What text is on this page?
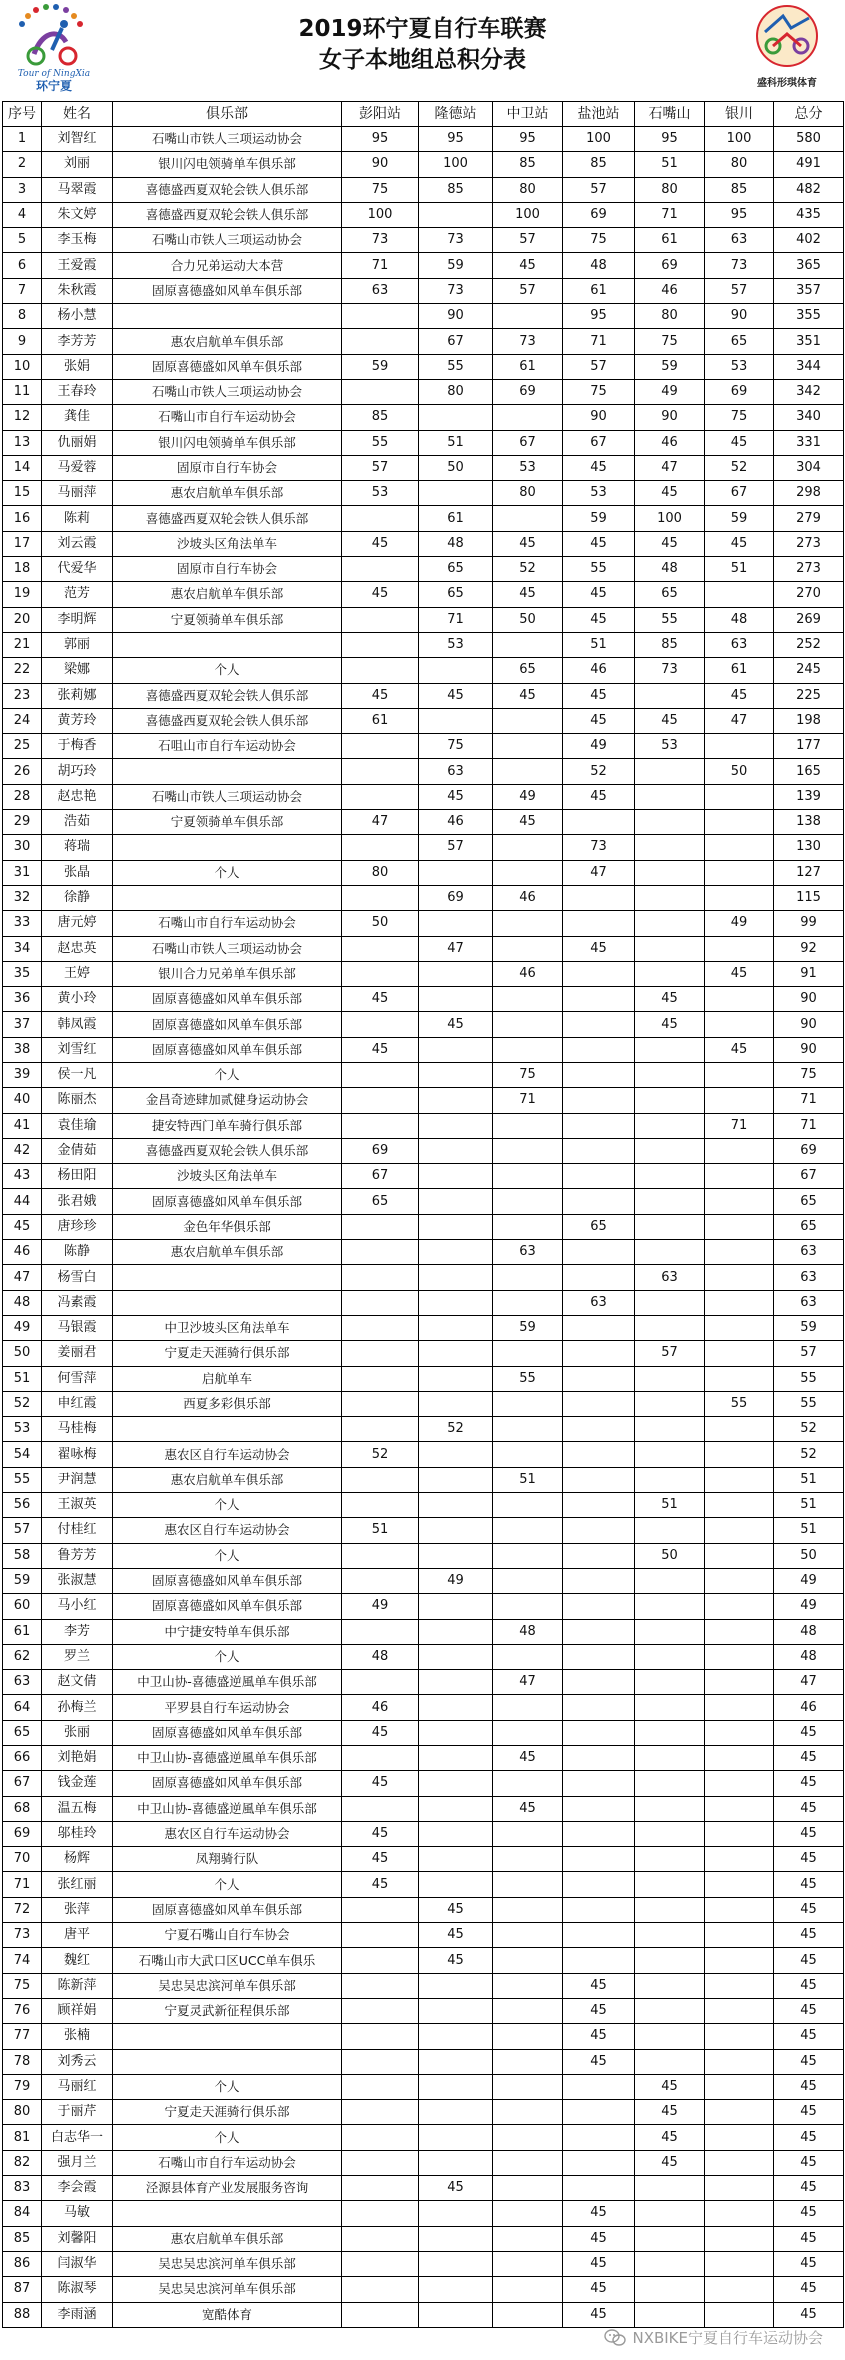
Tour of NingXia
环宁夏
2019环宁夏自行车联赛
女子本地组总积分表
盛科形琪体育
序号	姓名	俱乐部	彭阳站	隆德站	中卫站	盐池站	石嘴山	银川	总分
1	刘智红	石嘴山市铁人三项运动协会	95	95	95	100	95	100	580
2	刘丽	银川闪电领骑单车俱乐部	90	100	85	85	51	80	491
3	马翠霞	喜德盛西夏双轮会铁人俱乐部	75	85	80	57	80	85	482
4	朱文婷	喜德盛西夏双轮会铁人俱乐部	100		100	69	71	95	435
5	李玉梅	石嘴山市铁人三项运动协会	73	73	57	75	61	63	402
6	王爱霞	合力兄弟运动大本营	71	59	45	48	69	73	365
7	朱秋霞	固原喜德盛如风单车俱乐部	63	73	57	61	46	57	357
8	杨小慧			90		95	80	90	355
9	李芳芳	惠农启航单车俱乐部		67	73	71	75	65	351
10	张娟	固原喜德盛如风单车俱乐部	59	55	61	57	59	53	344
11	王春玲	石嘴山市铁人三项运动协会		80	69	75	49	69	342
12	龚佳	石嘴山市自行车运动协会	85			90	90	75	340
13	仇丽娟	银川闪电领骑单车俱乐部	55	51	67	67	46	45	331
14	马爱蓉	固原市自行车协会	57	50	53	45	47	52	304
15	马丽萍	惠农启航单车俱乐部	53		80	53	45	67	298
16	陈莉	喜德盛西夏双轮会铁人俱乐部		61		59	100	59	279
17	刘云霞	沙坡头区角法单车	45	48	45	45	45	45	273
18	代爱华	固原市自行车协会		65	52	55	48	51	273
19	范芳	惠农启航单车俱乐部	45	65	45	45	65		270
20	李明辉	宁夏领骑单车俱乐部		71	50	45	55	48	269
21	郭丽			53		51	85	63	252
22	梁娜	个人			65	46	73	61	245
23	张莉娜	喜德盛西夏双轮会铁人俱乐部	45	45	45	45		45	225
24	黄芳玲	喜德盛西夏双轮会铁人俱乐部	61			45	45	47	198
25	于梅香	石咀山市自行车运动协会		75		49	53		177
26	胡巧玲			63		52		50	165
28	赵忠艳	石嘴山市铁人三项运动协会		45	49	45			139
29	浩茹	宁夏领骑单车俱乐部	47	46	45				138
30	蒋瑞			57		73			130
31	张晶	个人	80			47			127
32	徐静			69	46				115
33	唐元婷	石嘴山市自行车运动协会	50					49	99
34	赵忠英	石嘴山市铁人三项运动协会		47		45			92
35	王婷	银川合力兄弟单车俱乐部			46			45	91
36	黄小玲	固原喜德盛如风单车俱乐部	45				45		90
37	韩凤霞	固原喜德盛如风单车俱乐部		45			45		90
38	刘雪红	固原喜德盛如风单车俱乐部	45					45	90
39	侯一凡	个人			75				75
40	陈丽杰	金昌奇迹肆加贰健身运动协会			71				71
41	袁佳瑜	捷安特西门单车骑行俱乐部						71	71
42	金倩茹	喜德盛西夏双轮会铁人俱乐部	69						69
43	杨田阳	沙坡头区角法单车	67						67
44	张君娥	固原喜德盛如风单车俱乐部	65						65
45	唐珍珍	金色年华俱乐部				65			65
46	陈静	惠农启航单车俱乐部			63				63
47	杨雪白						63		63
48	冯素霞					63			63
49	马银霞	中卫沙坡头区角法单车			59				59
50	姜丽君	宁夏走天涯骑行俱乐部					57		57
51	何雪萍	启航单车			55				55
52	申红霞	西夏多彩俱乐部						55	55
53	马桂梅			52					52
54	翟咏梅	惠农区自行车运动协会	52						52
55	尹润慧	惠农启航单车俱乐部			51				51
56	王淑英	个人					51		51
57	付桂红	惠农区自行车运动协会	51						51
58	鲁芳芳	个人					50		50
59	张淑慧	固原喜德盛如风单车俱乐部		49					49
60	马小红	固原喜德盛如风单车俱乐部	49						49
61	李芳	中宁捷安特单车俱乐部			48				48
62	罗兰	个人	48						48
63	赵文倩	中卫山协-喜德盛逆風单车俱乐部			47				47
64	孙梅兰	平罗县自行车运动协会	46						46
65	张丽	固原喜德盛如风单车俱乐部	45						45
66	刘艳娟	中卫山协-喜德盛逆風单车俱乐部			45				45
67	钱金莲	固原喜德盛如风单车俱乐部	45						45
68	温五梅	中卫山协-喜德盛逆風单车俱乐部			45				45
69	邬桂玲	惠农区自行车运动协会	45						45
70	杨辉	凤翔骑行队	45						45
71	张红丽	个人	45						45
72	张萍	固原喜德盛如风单车俱乐部		45					45
73	唐平	宁夏石嘴山自行车协会		45					45
74	魏红	石嘴山市大武口区UCC单车俱乐		45					45
75	陈新萍	吴忠吴忠滨河单车俱乐部				45			45
76	顾祥娟	宁夏灵武新征程俱乐部				45			45
77	张楠					45			45
78	刘秀云					45			45
79	马丽红	个人					45		45
80	于丽芹	宁夏走天涯骑行俱乐部					45		45
81	白志华一	个人					45		45
82	强月兰	石嘴山市自行车运动协会					45		45
83	李会霞	泾源县体育产业发展服务咨询		45					45
84	马敏					45			45
85	刘馨阳	惠农启航单车俱乐部				45			45
86	闫淑华	吴忠吴忠滨河单车俱乐部				45			45
87	陈淑琴	吴忠吴忠滨河单车俱乐部				45			45
88	李雨涵	宽酷体育				45			45
NXBIKE宁夏自行车运动协会
